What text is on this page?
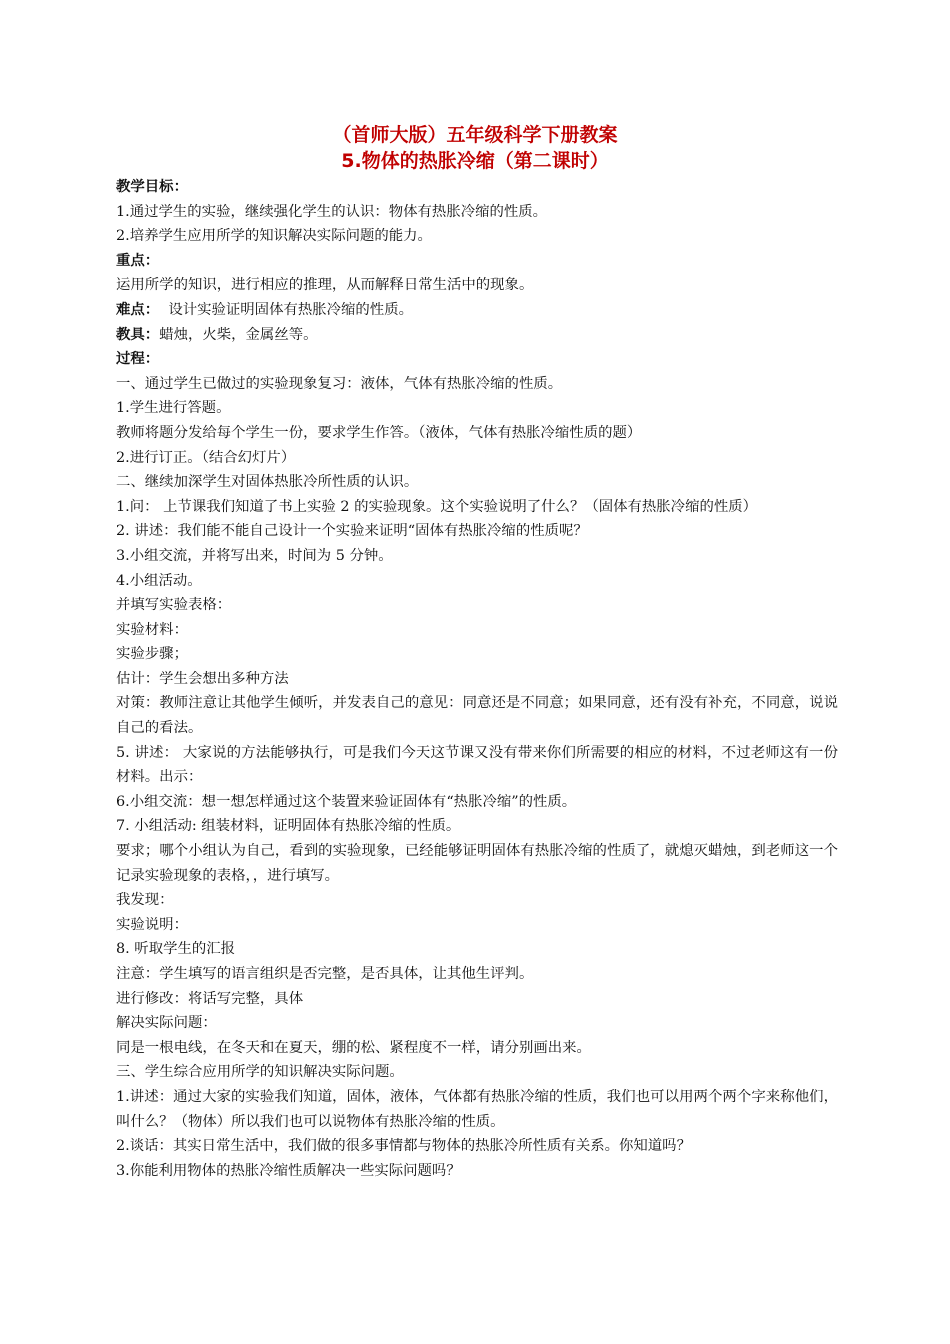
（首师大版）五年级科学下册教案
5.物体的热胀冷缩（第二课时）
教学目标：
1.通过学生的实验，继续强化学生的认识：物体有热胀冷缩的性质。
2.培养学生应用所学的知识解决实际问题的能力。
重点：
运用所学的知识，进行相应的推理，从而解释日常生活中的现象。
难点：  设计实验证明固体有热胀冷缩的性质。
教具：蜡烛，火柴，金属丝等。
过程：
一、通过学生已做过的实验现象复习：液体，气体有热胀冷缩的性质。
1.学生进行答题。
教师将题分发给每个学生一份，要求学生作答。（液体，气体有热胀冷缩性质的题）
2.进行订正。（结合幻灯片）
二、继续加深学生对固体热胀冷所性质的认识。
1.问： 上节课我们知道了书上实验 2 的实验现象。这个实验说明了什么？（固体有热胀冷缩的性质）
2. 讲述：我们能不能自己设计一个实验来证明“固体有热胀冷缩的性质呢？
3.小组交流，并将写出来，时间为 5 分钟。
4.小组活动。
并填写实验表格：
实验材料：
实验步骤；
估计：学生会想出多种方法
对策：教师注意让其他学生倾听，并发表自己的意见：同意还是不同意；如果同意，还有没有补充，不同意，说说自己的看法。
5. 讲述： 大家说的方法能够执行，可是我们今天这节课又没有带来你们所需要的相应的材料，不过老师这有一份材料。出示：
6.小组交流：想一想怎样通过这个装置来验证固体有“热胀冷缩”的性质。
7. 小组活动: 组装材料，证明固体有热胀冷缩的性质。
要求；哪个小组认为自己，看到的实验现象，已经能够证明固体有热胀冷缩的性质了，就熄灭蜡烛，到老师这一个记录实验现象的表格，，进行填写。
我发现：
实验说明：
8. 听取学生的汇报
注意：学生填写的语言组织是否完整，是否具体，让其他生评判。
进行修改：将话写完整，具体
解决实际问题：
同是一根电线，在冬天和在夏天，绷的松、紧程度不一样，请分别画出来。
三、学生综合应用所学的知识解决实际问题。
1.讲述：通过大家的实验我们知道，固体，液体，气体都有热胀冷缩的性质，我们也可以用两个两个字来称他们，叫什么？（物体）所以我们也可以说物体有热胀冷缩的性质。
2.谈话：其实日常生活中，我们做的很多事情都与物体的热胀冷所性质有关系。你知道吗？
3.你能利用物体的热胀冷缩性质解决一些实际问题吗？
